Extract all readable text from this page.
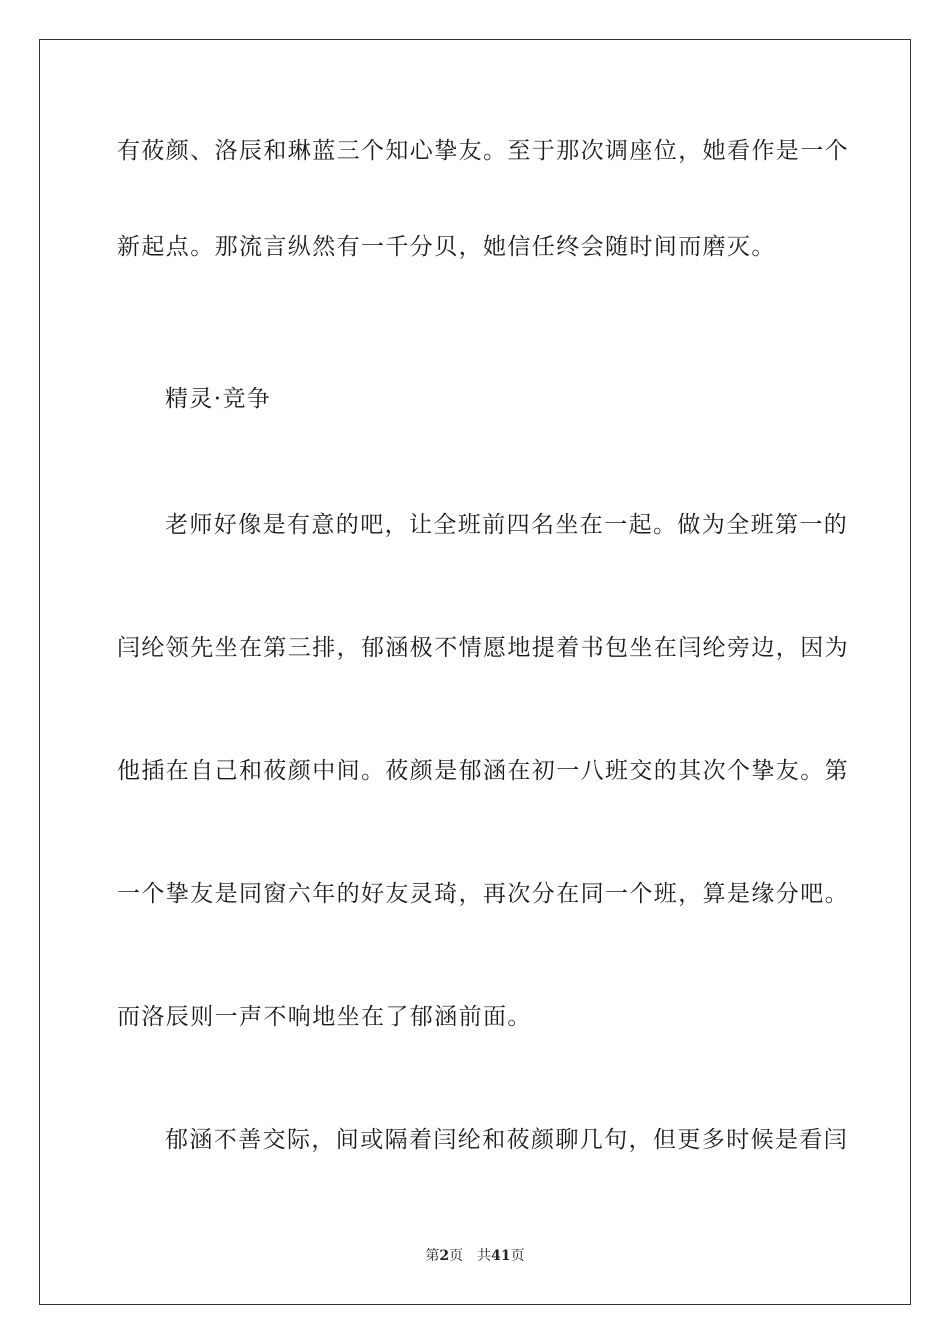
有莜颜、洛辰和琳蓝三个知心挚友。至于那次调座位，她看作是一个
新起点。那流言纵然有一千分贝，她信任终会随时间而磨灭。
精灵·竞争
老师好像是有意的吧，让全班前四名坐在一起。做为全班第一的
闫纶领先坐在第三排，郁涵极不情愿地提着书包坐在闫纶旁边，因为
他插在自己和莜颜中间。莜颜是郁涵在初一八班交的其次个挚友。第
一个挚友是同窗六年的好友灵琦，再次分在同一个班，算是缘分吧。
而洛辰则一声不响地坐在了郁涵前面。
郁涵不善交际，间或隔着闫纶和莜颜聊几句，但更多时候是看闫
第2页 共41页
